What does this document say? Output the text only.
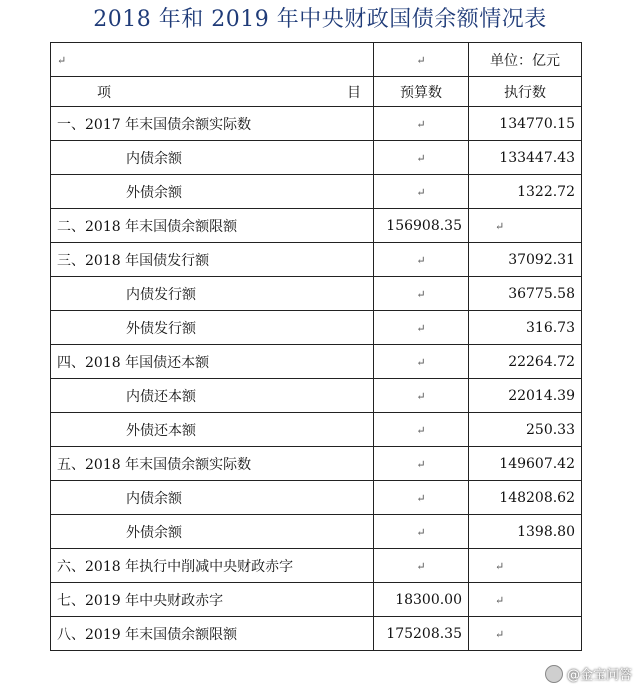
2018 年和 2019 年中央财政国债余额情况表
↵	↵	单位：亿元

项 目	预算数	执行数
一、2017 年末国债余额实际数	↵	134770.15
内债余额	↵	133447.43
外债余额	↵	1322.72
二、2018 年末国债余额限额	156908.35	↵
三、2018 年国债发行额	↵	37092.31
内债发行额	↵	36775.58
外债发行额	↵	316.73
四、2018 年国债还本额	↵	22264.72
内债还本额	↵	22014.39
外债还本额	↵	250.33
五、2018 年末国债余额实际数	↵	149607.42
内债余额	↵	148208.62
外债余额	↵	1398.80
六、2018 年执行中削减中央财政赤字	↵	↵
七、2019 年中央财政赤字	18300.00	↵
八、2019 年末国债余额限额	175208.35	↵
@金宝问答
